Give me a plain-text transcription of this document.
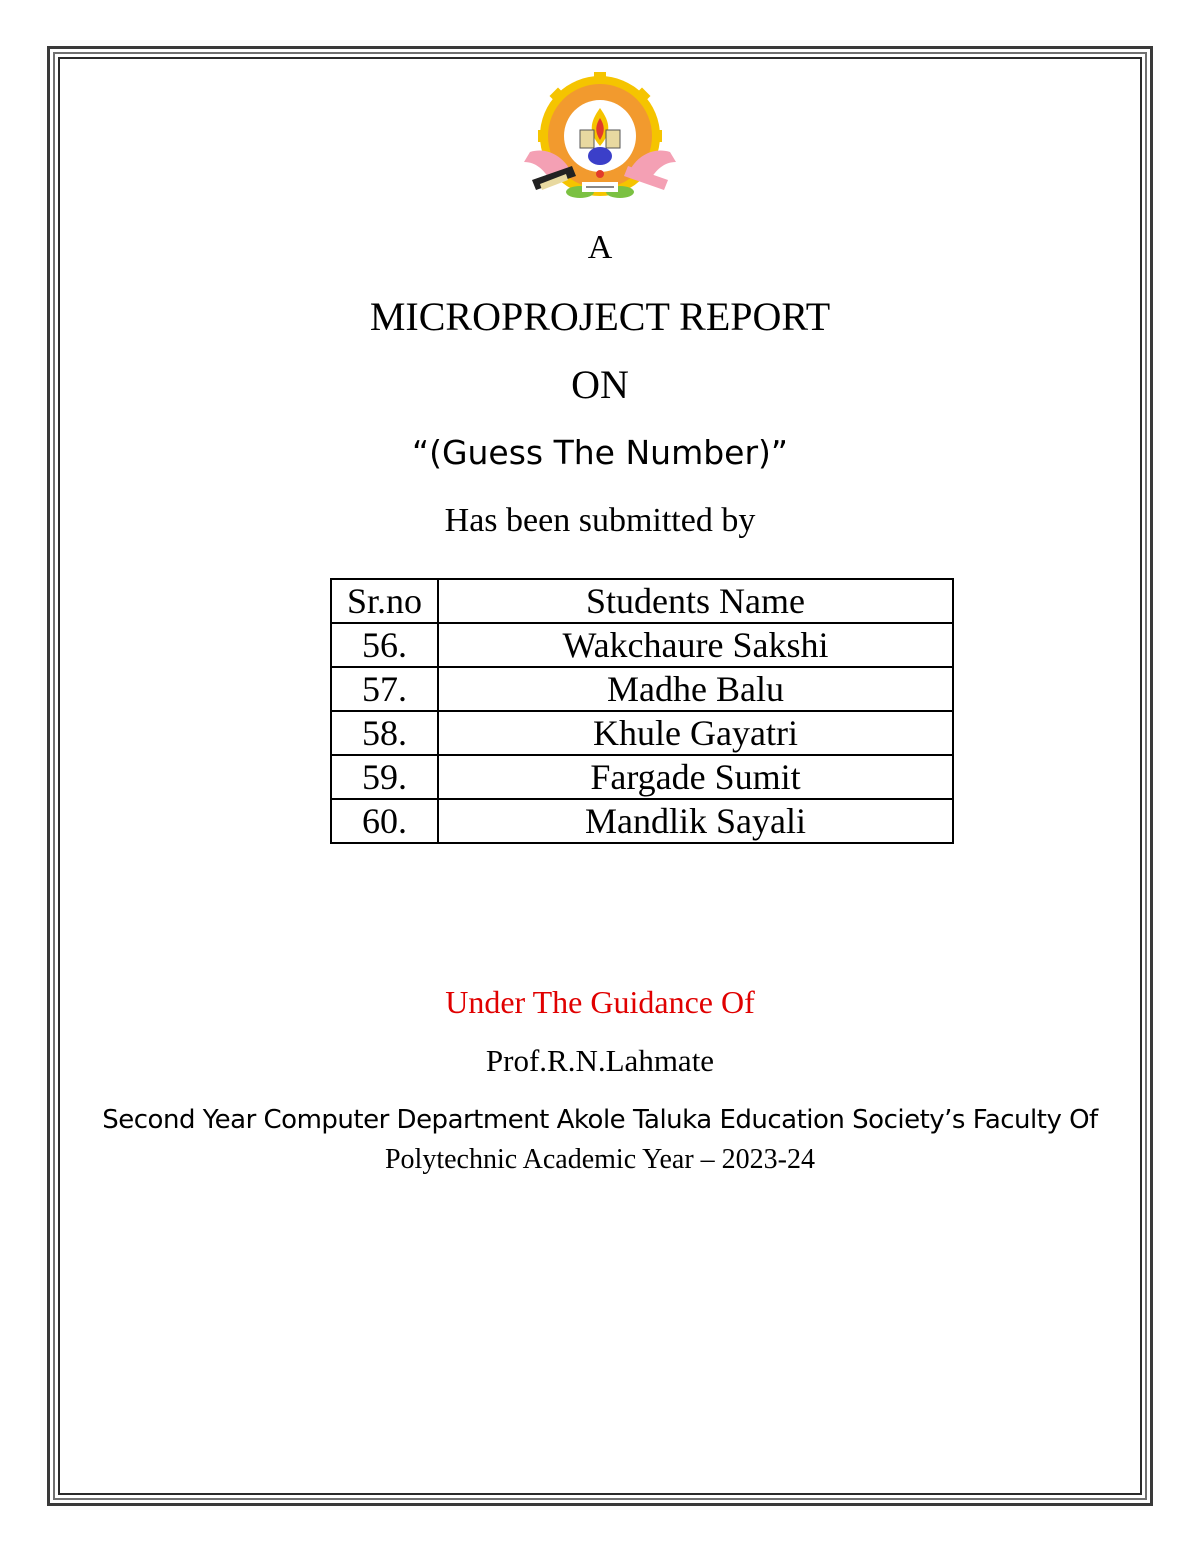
A
MICROPROJECT REPORT
ON
“(Guess The Number)”
Has been submitted by
Sr.no	Students Name
56.	Wakchaure Sakshi
57.	Madhe Balu
58.	Khule Gayatri
59.	Fargade Sumit
60.	Mandlik Sayali
Under The Guidance Of
Prof.R.N.Lahmate
Second Year Computer Department Akole Taluka Education Society’s Faculty Of
Polytechnic Academic Year – 2023-24
